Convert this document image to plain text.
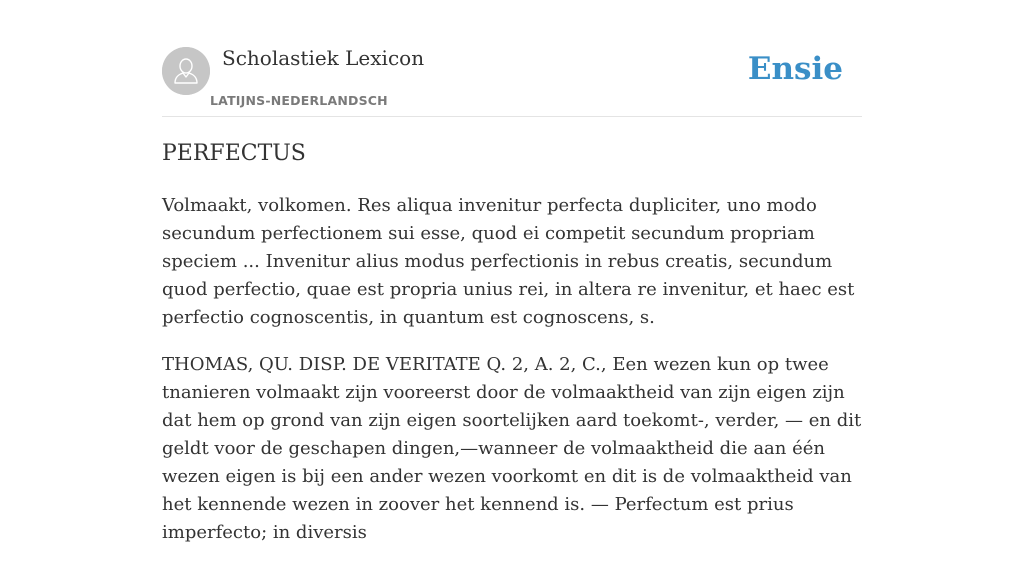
Scholastiek Lexicon
LATIJNS-NEDERLANDSCH
Ensie
PERFECTUS

Volmaakt, volkomen. Res aliqua invenitur perfecta dupliciter, uno modo secundum perfectionem sui esse, quod ei competit secundum propriam speciem ... Invenitur alius modus perfectionis in rebus creatis, secundum quod perfectio, quae est propria unius rei, in altera re invenitur, et haec est perfectio cognoscentis, in quantum est cognoscens, s.

THOMAS, QU. DISP. DE VERITATE Q. 2, A. 2, C., Een wezen kun op twee tnanieren volmaakt zijn vooreerst door de volmaaktheid van zijn eigen zijn dat hem op grond van zijn eigen soortelijken aard toekomt-, verder, — en dit geldt voor de geschapen dingen,—wanneer de volmaaktheid die aan één wezen eigen is bij een ander wezen voorkomt en dit is de volmaaktheid van het kennende wezen in zoover het kennend is. — Perfectum est prius imperfecto; in diversis
